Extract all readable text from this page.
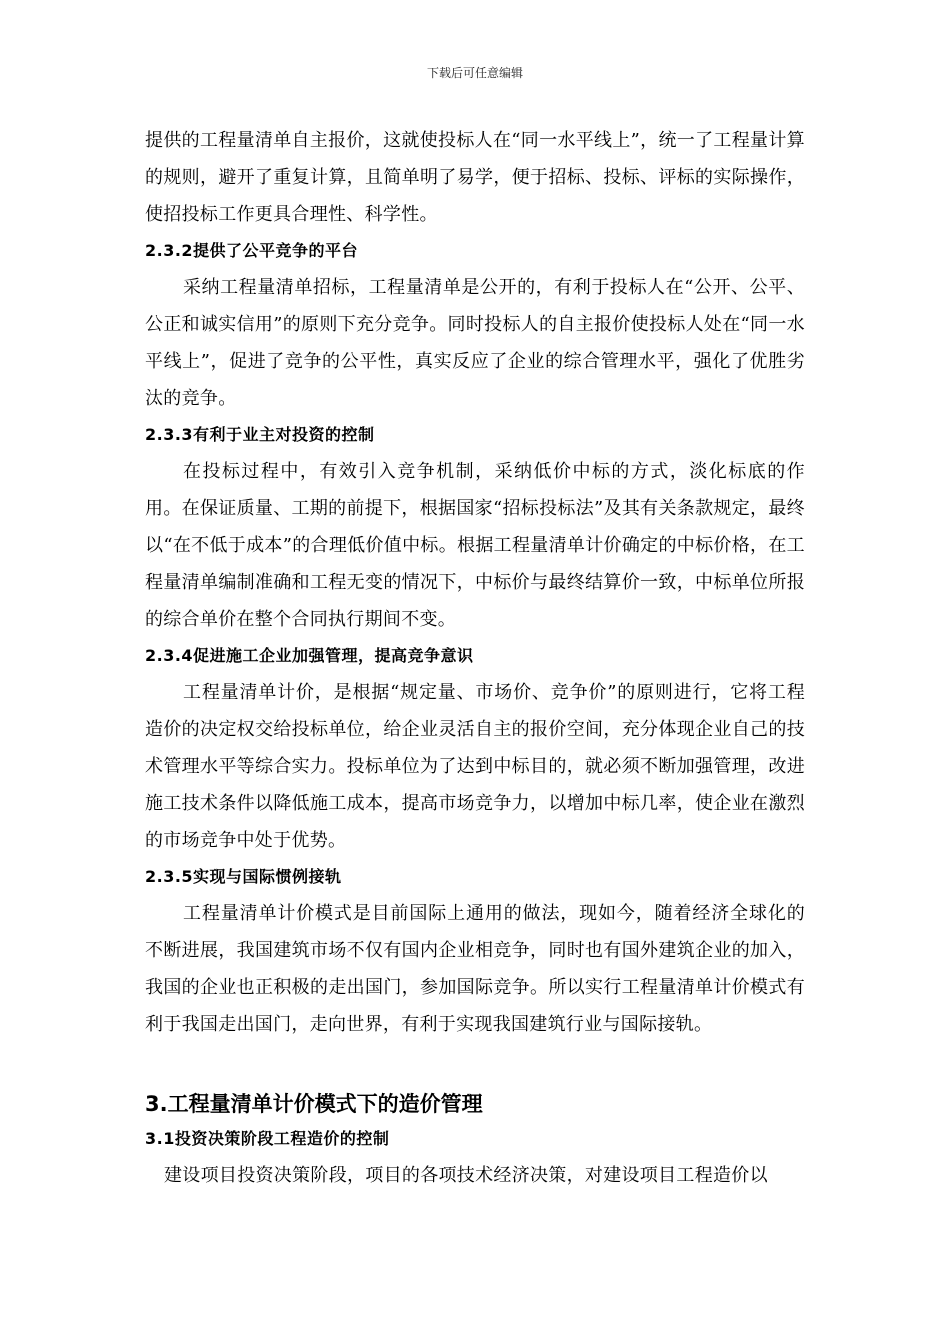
下载后可任意编辑

提供的工程量清单自主报价，这就使投标人在“同一水平线上”，统一了工程量计算的规则，避开了重复计算，且简单明了易学，便于招标、投标、评标的实际操作，使招投标工作更具合理性、科学性。

2.3.2提供了公平竞争的平台

采纳工程量清单招标，工程量清单是公开的，有利于投标人在“公开、公平、公正和诚实信用”的原则下充分竞争。同时投标人的自主报价使投标人处在“同一水平线上”，促进了竞争的公平性，真实反应了企业的综合管理水平，强化了优胜劣汰的竞争。

2.3.3有利于业主对投资的控制

在投标过程中，有效引入竞争机制，采纳低价中标的方式，淡化标底的作用。在保证质量、工期的前提下，根据国家“招标投标法”及其有关条款规定，最终以“在不低于成本”的合理低价值中标。根据工程量清单计价确定的中标价格，在工程量清单编制准确和工程无变的情况下，中标价与最终结算价一致，中标单位所报的综合单价在整个合同执行期间不变。

2.3.4促进施工企业加强管理，提高竞争意识

工程量清单计价，是根据“规定量、市场价、竞争价”的原则进行，它将工程造价的决定权交给投标单位，给企业灵活自主的报价空间，充分体现企业自己的技术管理水平等综合实力。投标单位为了达到中标目的，就必须不断加强管理，改进施工技术条件以降低施工成本，提高市场竞争力，以增加中标几率，使企业在激烈的市场竞争中处于优势。

2.3.5实现与国际惯例接轨

工程量清单计价模式是目前国际上通用的做法，现如今，随着经济全球化的不断进展，我国建筑市场不仅有国内企业相竞争，同时也有国外建筑企业的加入，我国的企业也正积极的走出国门，参加国际竞争。所以实行工程量清单计价模式有利于我国走出国门，走向世界，有利于实现我国建筑行业与国际接轨。

3.工程量清单计价模式下的造价管理

3.1投资决策阶段工程造价的控制

建设项目投资决策阶段，项目的各项技术经济决策，对建设项目工程造价以
